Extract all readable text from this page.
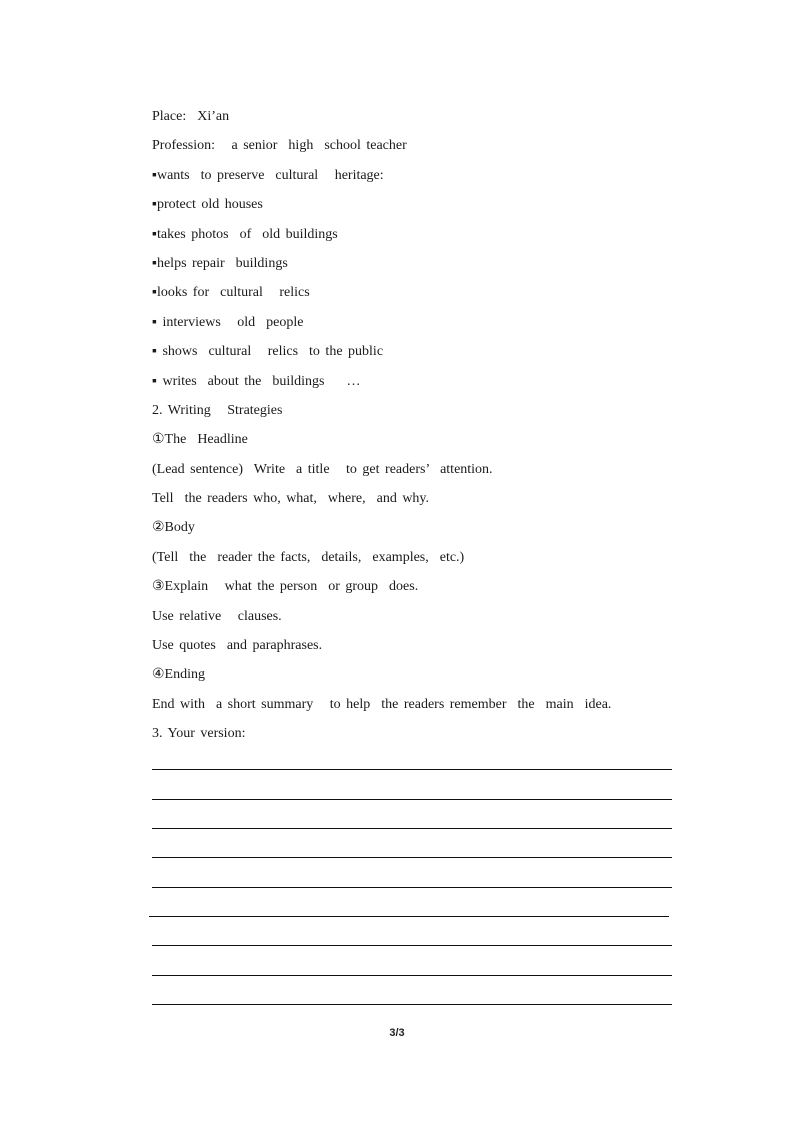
Place:  Xi’an
Profession:   a senior  high  school teacher
▪wants  to preserve  cultural   heritage:
▪protect old houses
▪takes photos  of  old buildings
▪helps repair  buildings
▪looks for  cultural   relics
▪ interviews   old  people
▪ shows  cultural   relics  to the public
▪ writes  about the  buildings    …
2. Writing   Strategies
①The  Headline
(Lead sentence)  Write  a title   to get readers’  attention.
Tell  the readers who, what,  where,  and why.
②Body
(Tell  the  reader the facts,  details,  examples,  etc.)
③Explain   what the person  or group  does.
Use relative   clauses.
Use quotes  and paraphrases.
④Ending
End with  a short summary   to help  the readers remember  the  main  idea.
3. Your version:
3/3
